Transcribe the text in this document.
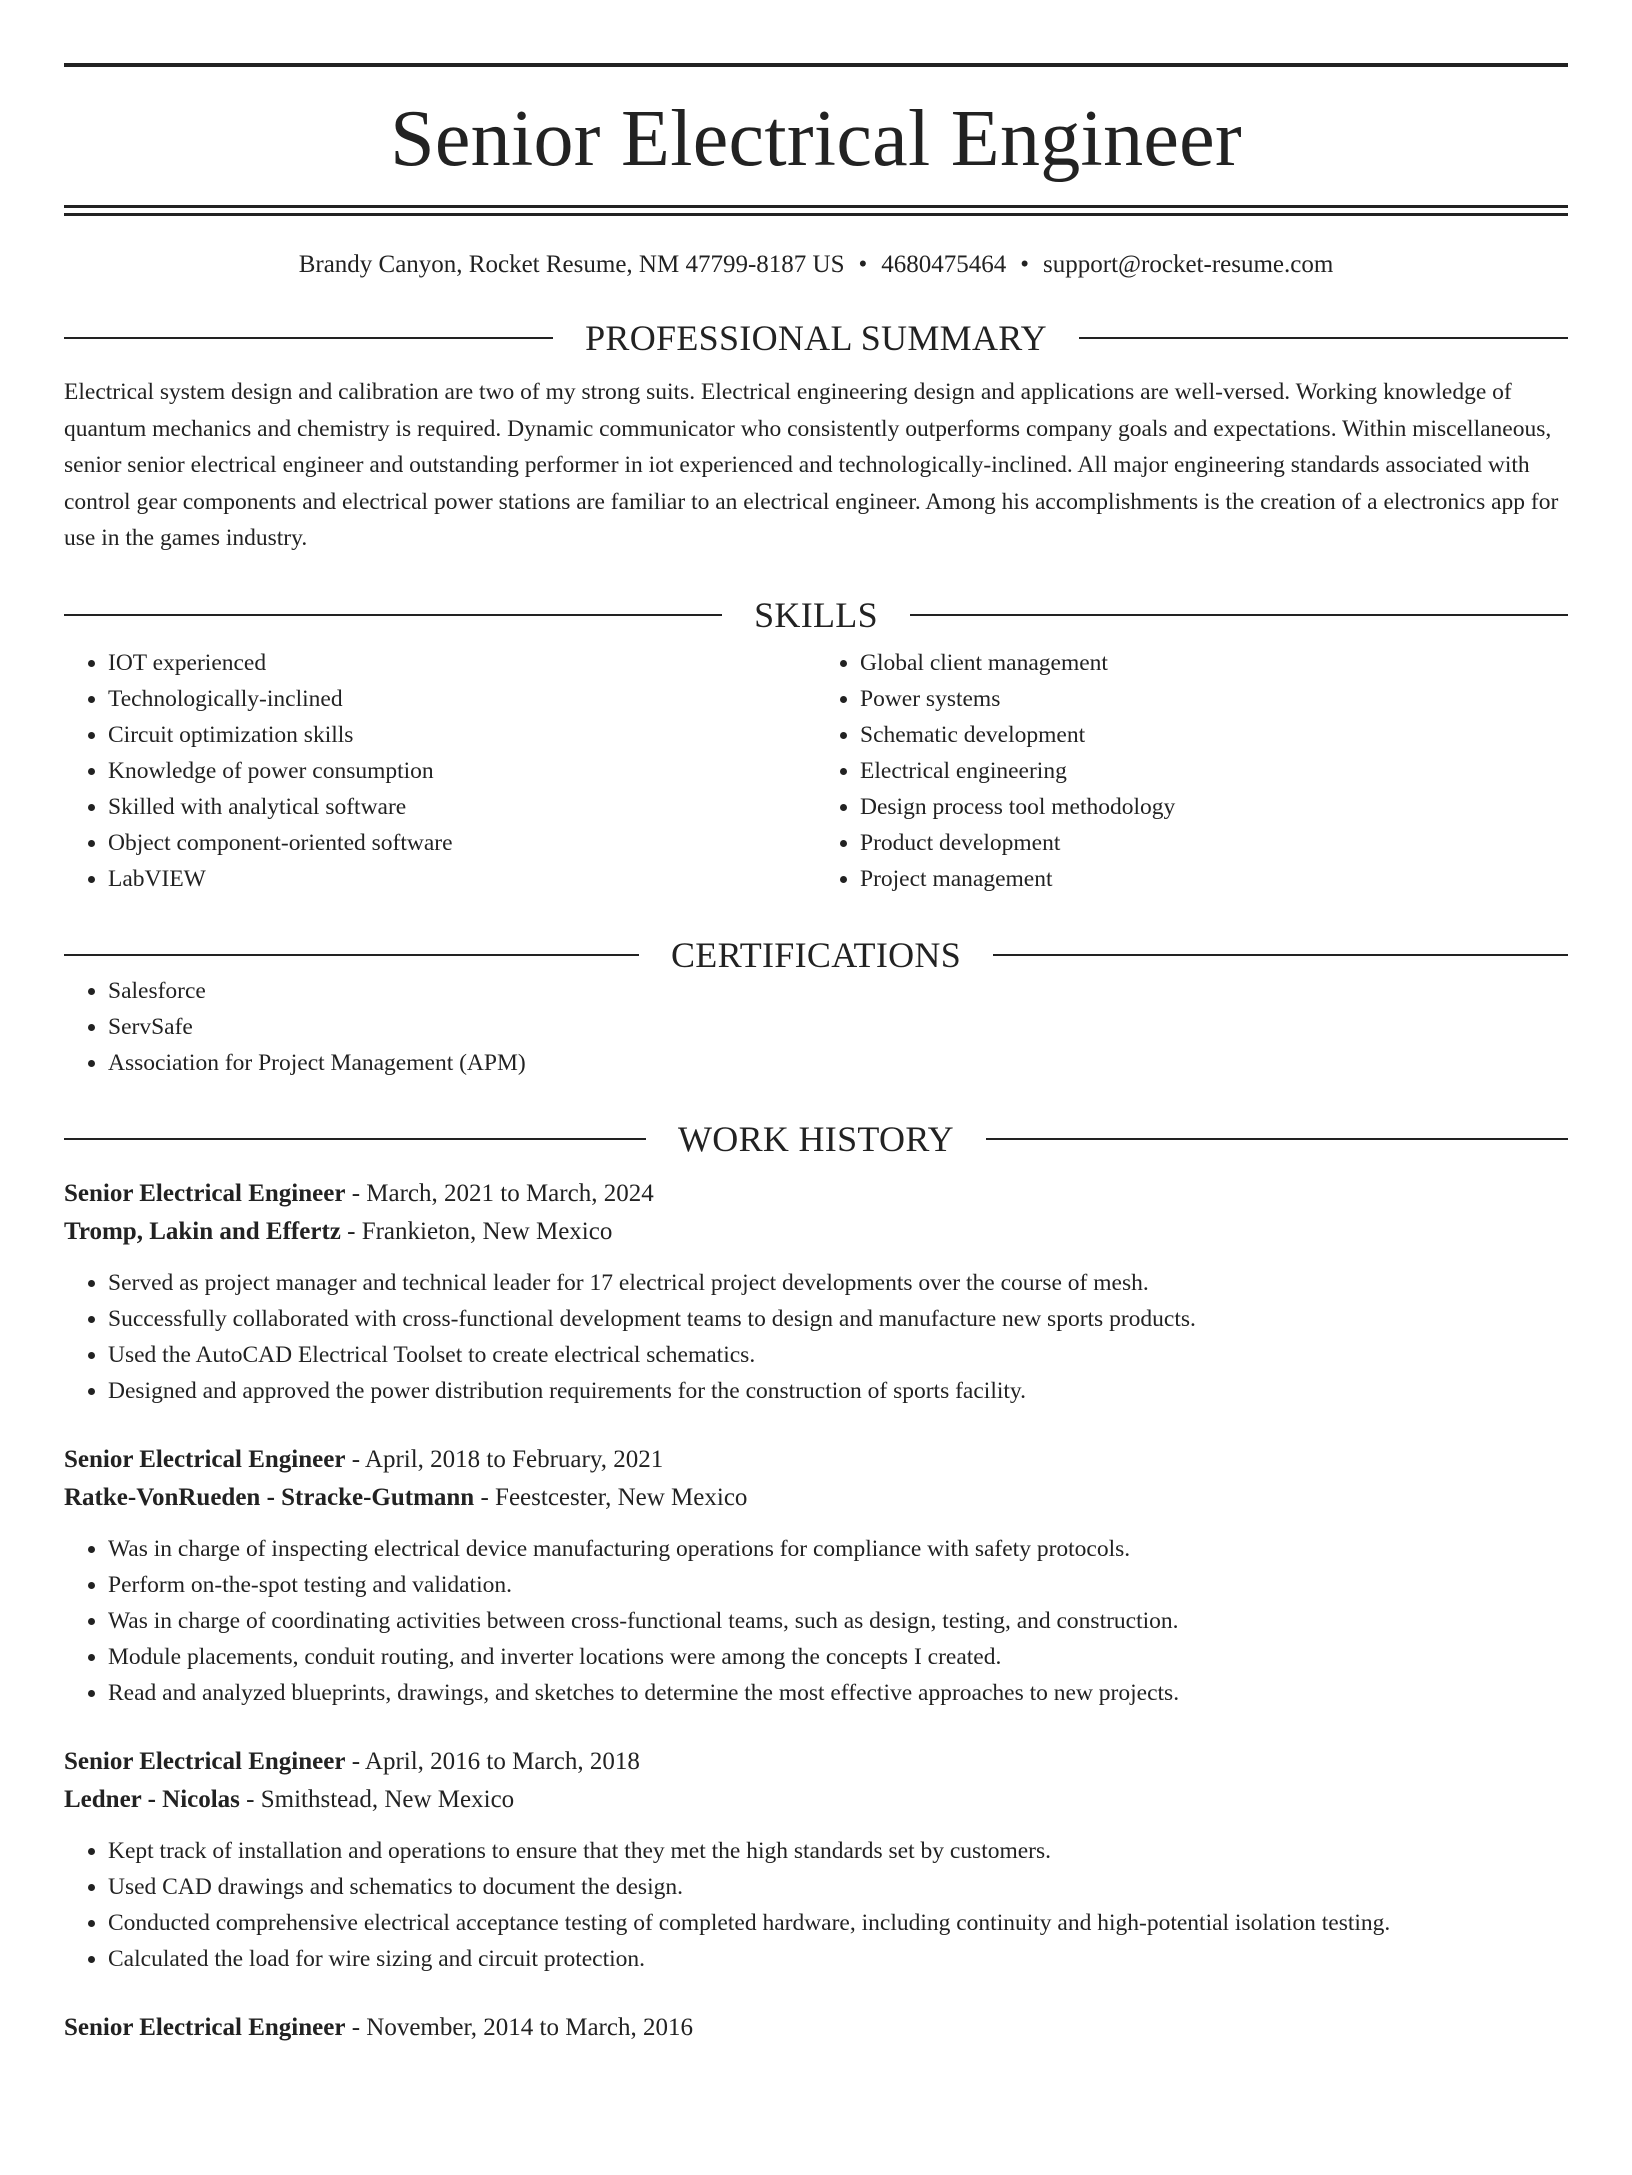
Senior Electrical Engineer
Brandy Canyon, Rocket Resume, NM 47799-8187 US • 4680475464 • support@rocket-resume.com
PROFESSIONAL SUMMARY

Electrical system design and calibration are two of my strong suits. Electrical engineering design and applications are well-versed. Working knowledge of quantum mechanics and chemistry is required. Dynamic communicator who consistently outperforms company goals and expectations. Within miscellaneous, senior senior electrical engineer and outstanding performer in iot experienced and technologically-inclined. All major engineering standards associated with control gear components and electrical power stations are familiar to an electrical engineer. Among his accomplishments is the creation of a electronics app for use in the games industry.

SKILLS
• IOT experienced
• Technologically-inclined
• Circuit optimization skills
• Knowledge of power consumption
• Skilled with analytical software
• Object component-oriented software
• LabVIEW
• Global client management
• Power systems
• Schematic development
• Electrical engineering
• Design process tool methodology
• Product development
• Project management
CERTIFICATIONS
• Salesforce
• ServSafe
• Association for Project Management (APM)
WORK HISTORY
Senior Electrical Engineer - March, 2021 to March, 2024
Tromp, Lakin and Effertz - Frankieton, New Mexico
• Served as project manager and technical leader for 17 electrical project developments over the course of mesh.
• Successfully collaborated with cross-functional development teams to design and manufacture new sports products.
• Used the AutoCAD Electrical Toolset to create electrical schematics.
• Designed and approved the power distribution requirements for the construction of sports facility.
Senior Electrical Engineer - April, 2018 to February, 2021
Ratke-VonRueden - Stracke-Gutmann - Feestcester, New Mexico
• Was in charge of inspecting electrical device manufacturing operations for compliance with safety protocols.
• Perform on-the-spot testing and validation.
• Was in charge of coordinating activities between cross-functional teams, such as design, testing, and construction.
• Module placements, conduit routing, and inverter locations were among the concepts I created.
• Read and analyzed blueprints, drawings, and sketches to determine the most effective approaches to new projects.
Senior Electrical Engineer - April, 2016 to March, 2018
Ledner - Nicolas - Smithstead, New Mexico
• Kept track of installation and operations to ensure that they met the high standards set by customers.
• Used CAD drawings and schematics to document the design.
• Conducted comprehensive electrical acceptance testing of completed hardware, including continuity and high-potential isolation testing.
• Calculated the load for wire sizing and circuit protection.
Senior Electrical Engineer - November, 2014 to March, 2016
